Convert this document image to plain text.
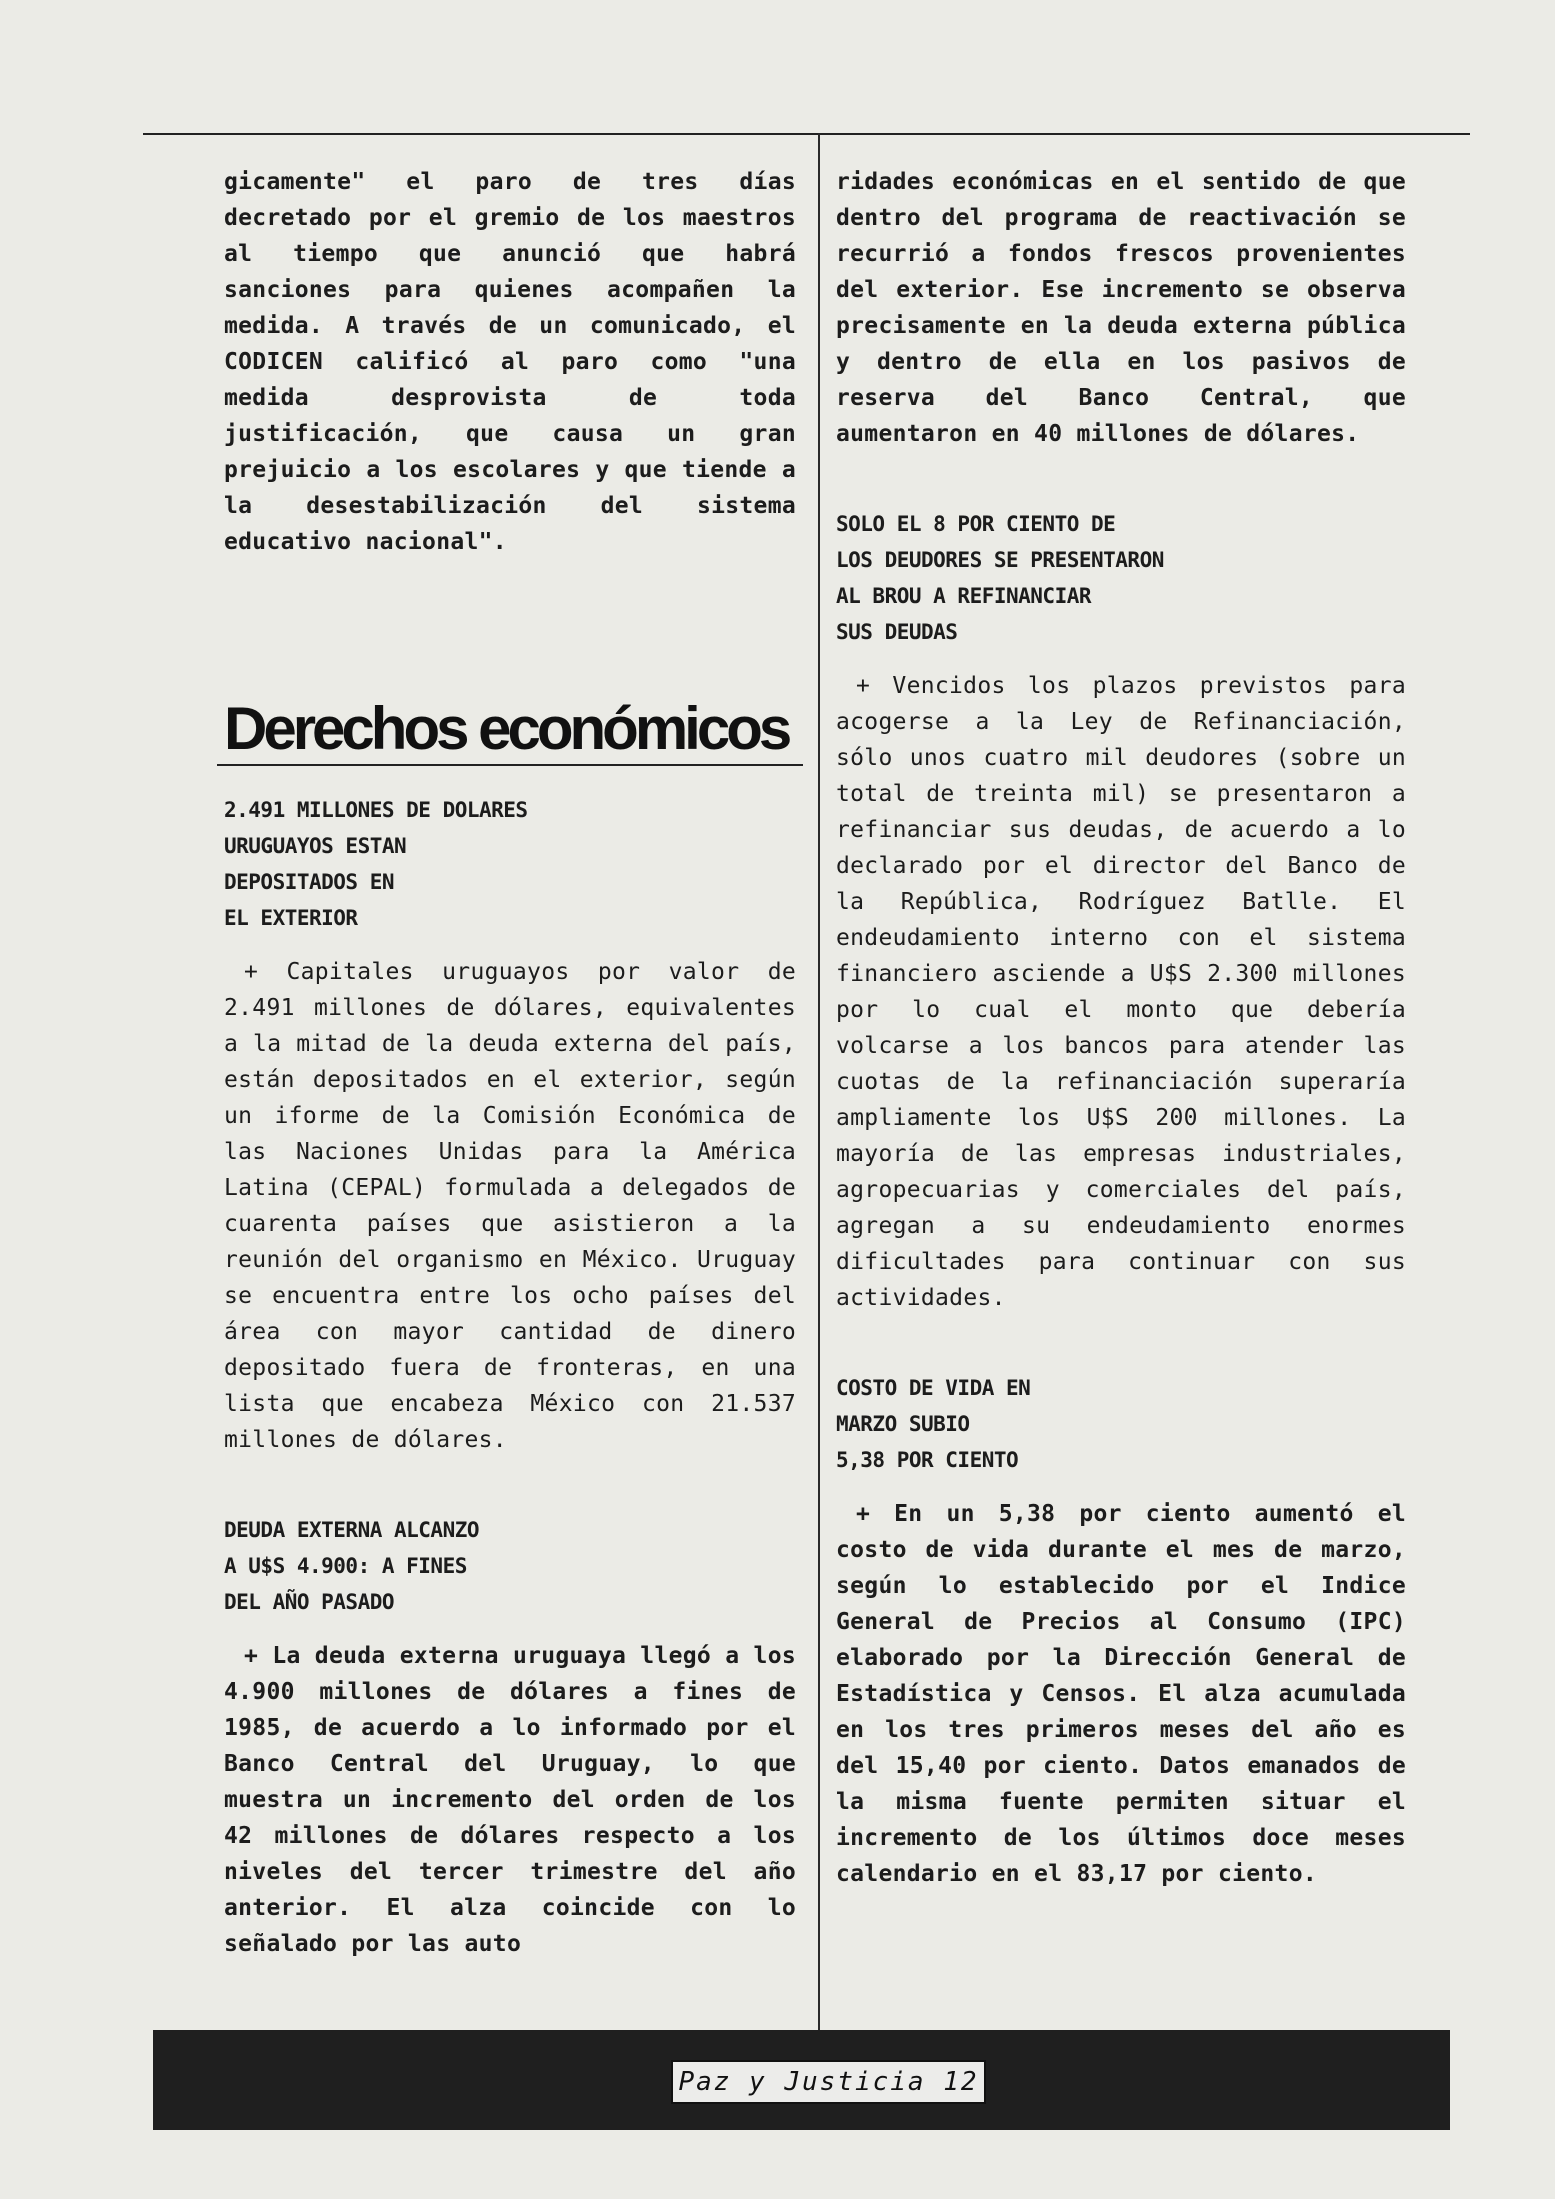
gicamente" el paro de tres días decretado por el gremio de los maestros al tiempo que anunció que habrá sanciones para quienes acompañen la medida. A través de un comunicado, el CODICEN calificó al paro como "una medida desprovista de toda justificación, que causa un gran prejuicio a los escolares y que tiende a la desestabilización del sistema educativo nacional".

Derechos económicos
2.491 MILLONES DE DOLARES
URUGUAYOS ESTAN
DEPOSITADOS EN
EL EXTERIOR

+ Capitales uruguayos por valor de 2.491 millones de dólares, equivalentes a la mitad de la deuda externa del país, están depositados en el exterior, según un iforme de la Comisión Económica de las Naciones Unidas para la América Latina (CEPAL) formulada a delegados de cuarenta países que asistieron a la reunión del organismo en México. Uruguay se encuentra entre los ocho países del área con mayor cantidad de dinero depositado fuera de fronteras, en una lista que encabeza México con 21.537 millones de dólares.

DEUDA EXTERNA ALCANZO
A U$S 4.900: A FINES
DEL AÑO PASADO

+ La deuda externa uruguaya llegó a los 4.900 millones de dólares a fines de 1985, de acuerdo a lo informado por el Banco Central del Uruguay, lo que muestra un incremento del orden de los 42 millones de dólares respecto a los niveles del tercer trimestre del año anterior. El alza coincide con lo señalado por las auto

ridades económicas en el sentido de que dentro del programa de reactivación se recurrió a fondos frescos provenientes del exterior. Ese incremento se observa precisamente en la deuda externa pública y dentro de ella en los pasivos de reserva del Banco Central, que aumentaron en 40 millones de dólares.

SOLO EL 8 POR CIENTO DE
LOS DEUDORES SE PRESENTARON
AL BROU A REFINANCIAR
SUS DEUDAS

+ Vencidos los plazos previstos para acogerse a la Ley de Refinanciación, sólo unos cuatro mil deudores (sobre un total de treinta mil) se presentaron a refinanciar sus deudas, de acuerdo a lo declarado por el director del Banco de la República, Rodríguez Batlle. El endeudamiento interno con el sistema financiero asciende a U$S 2.300 millones por lo cual el monto que debería volcarse a los bancos para atender las cuotas de la refinanciación superaría ampliamente los U$S 200 millones. La mayoría de las empresas industriales, agropecuarias y comerciales del país, agregan a su endeudamiento enormes dificultades para continuar con sus actividades.

COSTO DE VIDA EN
MARZO SUBIO
5,38 POR CIENTO

+ En un 5,38 por ciento aumentó el costo de vida durante el mes de marzo, según lo establecido por el Indice General de Precios al Consumo (IPC) elaborado por la Dirección General de Estadística y Censos. El alza acumulada en los tres primeros meses del año es del 15,40 por ciento. Datos emanados de la misma fuente permiten situar el incremento de los últimos doce meses calendario en el 83,17 por ciento.

Paz y Justicia 12
